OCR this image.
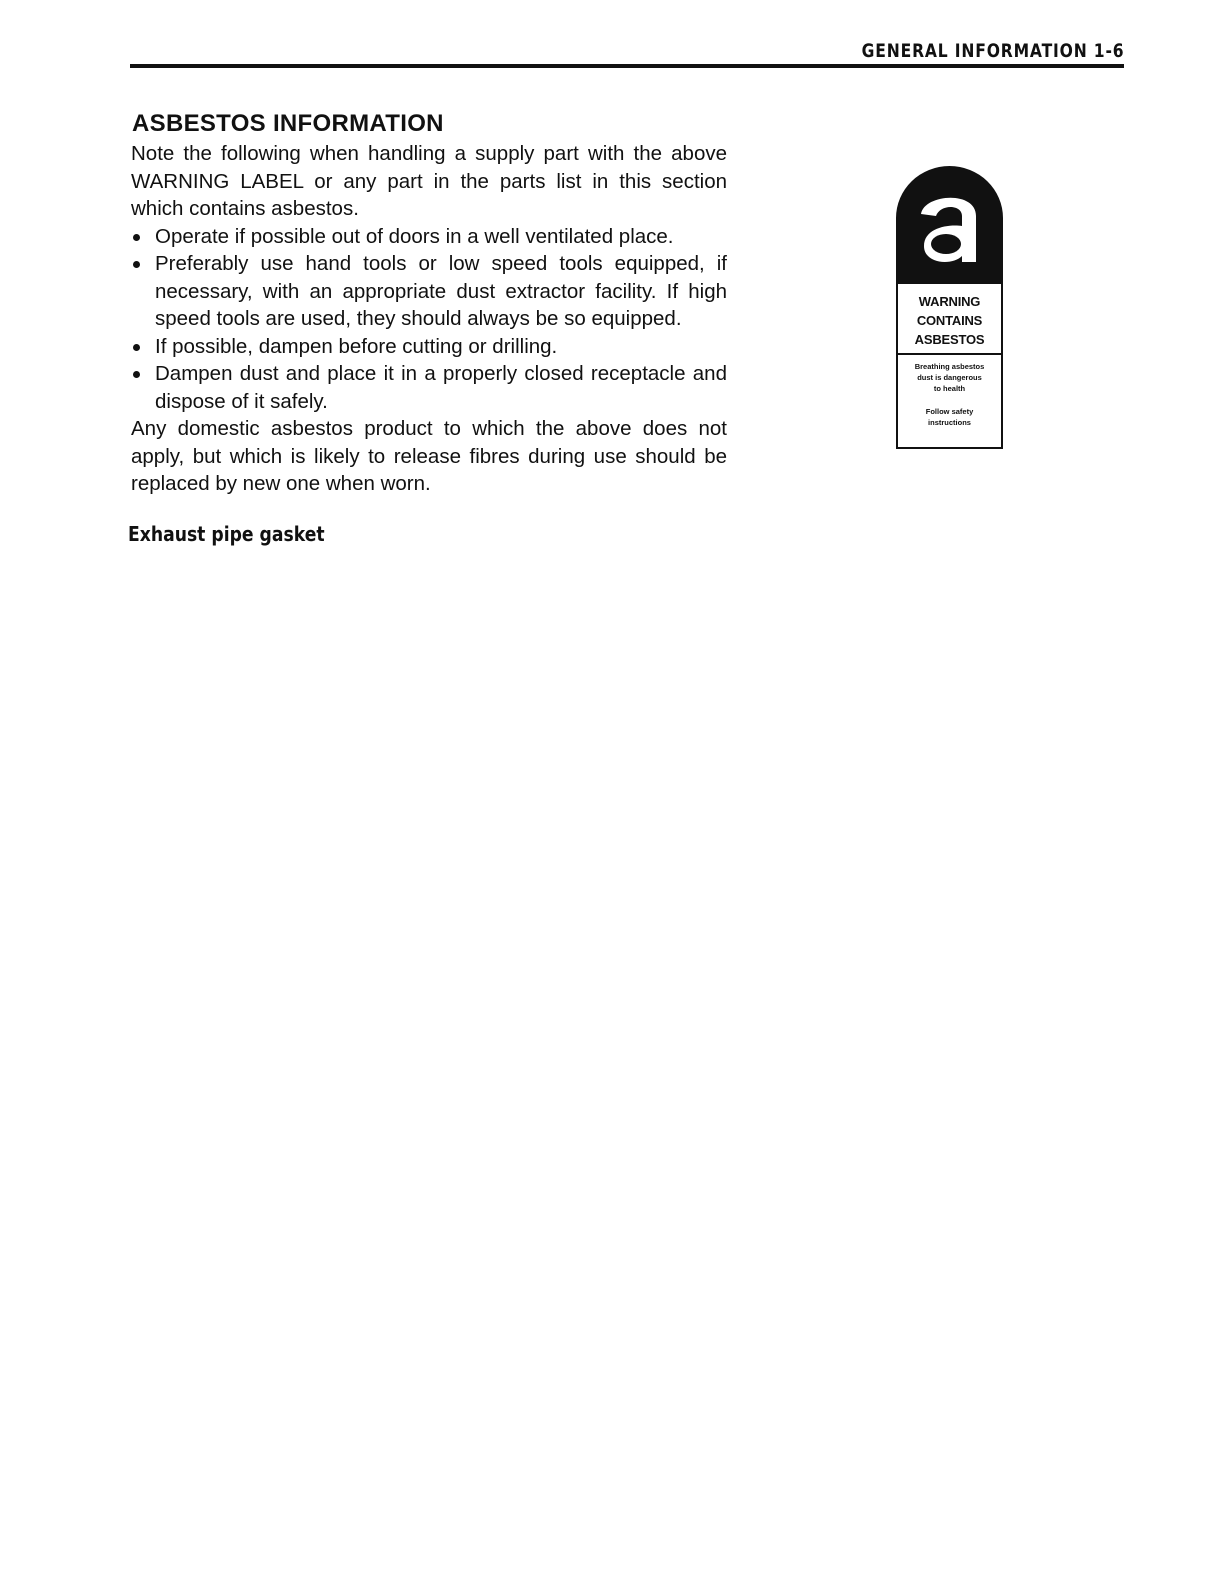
GENERAL INFORMATION 1-6
ASBESTOS INFORMATION

Note the following when handling a supply part with the above WARNING LABEL or any part in the parts list in this section which contains asbestos.

Operate if possible out of doors in a well ventilated place.
Preferably use hand tools or low speed tools equipped, if necessary, with an appropriate dust extractor facility. If high speed tools are used, they should always be so equipped.
If possible, dampen before cutting or drilling.
Dampen dust and place it in a properly closed receptacle and dispose of it safely.

Any domestic asbestos product to which the above does not apply, but which is likely to release fibres during use should be replaced by new one when worn.

Exhaust pipe gasket
WARNING
CONTAINS
ASBESTOS
Breathing asbestos
dust is dangerous
to health
Follow safety
instructions
